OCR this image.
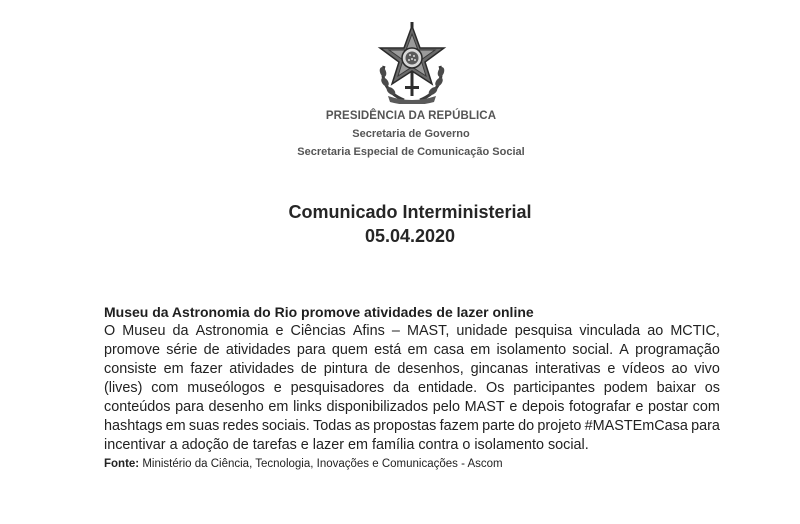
PRESIDÊNCIA DA REPÚBLICA
Secretaria de Governo
Secretaria Especial de Comunicação Social
Comunicado Interministerial
05.04.2020
Museu da Astronomia do Rio promove atividades de lazer online
O Museu da Astronomia e Ciências Afins – MAST, unidade pesquisa vinculada ao MCTIC,
promove série de atividades para quem está em casa em isolamento social. A programação
consiste em fazer atividades de pintura de desenhos, gincanas interativas e vídeos ao vivo
(lives) com museólogos e pesquisadores da entidade. Os participantes podem baixar os
conteúdos para desenho em links disponibilizados pelo MAST e depois fotografar e postar com
hashtags em suas redes sociais. Todas as propostas fazem parte do projeto #MASTEmCasa para
incentivar a adoção de tarefas e lazer em família contra o isolamento social.
Fonte: Ministério da Ciência, Tecnologia, Inovações e Comunicações - Ascom
